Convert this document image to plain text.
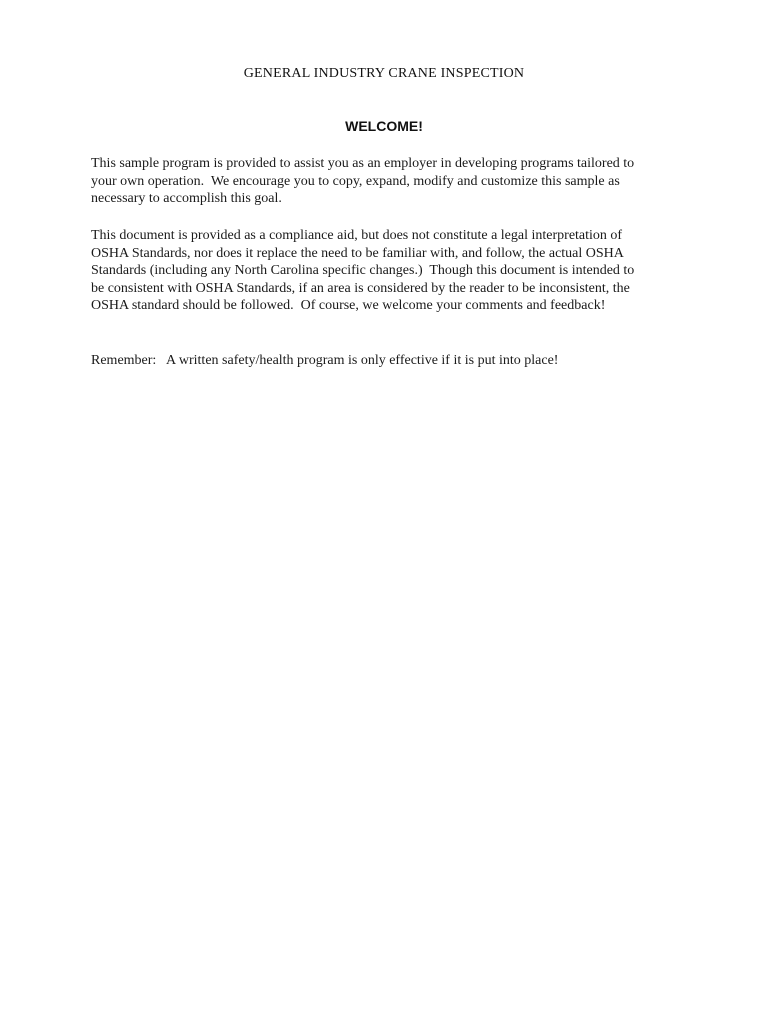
GENERAL INDUSTRY CRANE INSPECTION
WELCOME!

This sample program is provided to assist you as an employer in developing programs tailored to
your own operation.  We encourage you to copy, expand, modify and customize this sample as
necessary to accomplish this goal.

This document is provided as a compliance aid, but does not constitute a legal interpretation of
OSHA Standards, nor does it replace the need to be familiar with, and follow, the actual OSHA
Standards (including any North Carolina specific changes.)  Though this document is intended to
be consistent with OSHA Standards, if an area is considered by the reader to be inconsistent, the
OSHA standard should be followed.  Of course, we welcome your comments and feedback!

Remember:   A written safety/health program is only effective if it is put into place!
